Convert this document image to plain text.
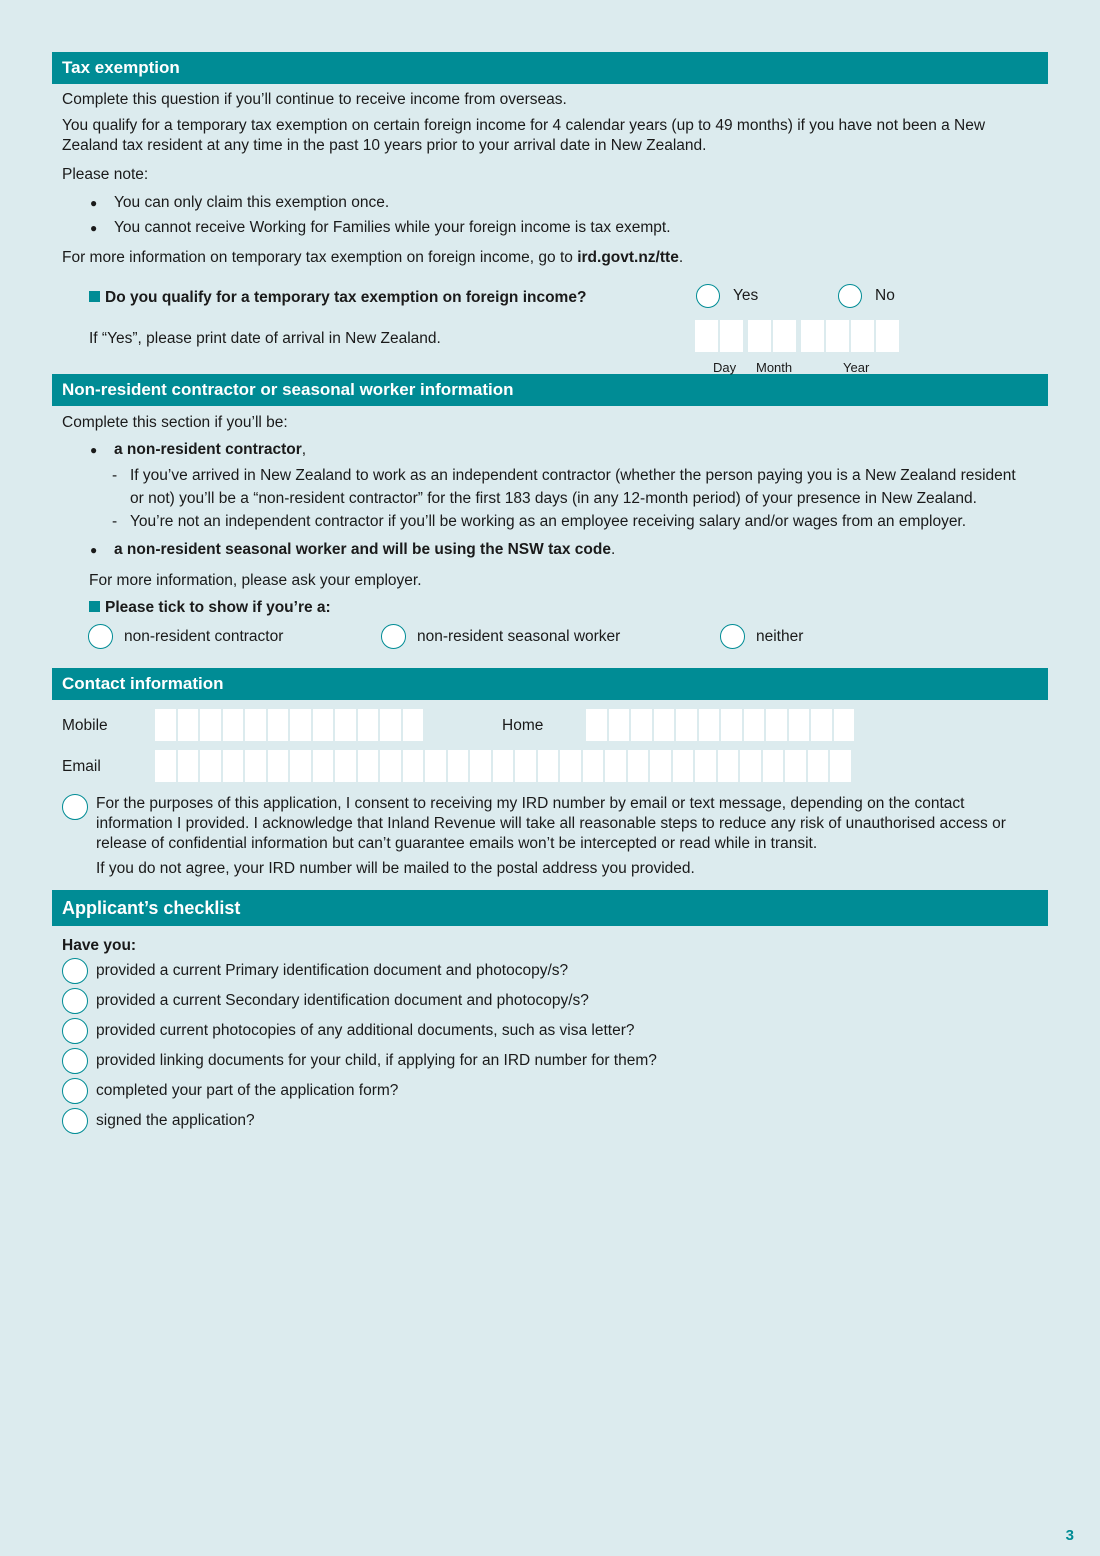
Tax exemption

Complete this question if you’ll continue to receive income from overseas.

You qualify for a temporary tax exemption on certain foreign income for 4 calendar years (up to 49 months) if you have not been a New Zealand tax resident at any time in the past 10 years prior to your arrival date in New Zealand.

Please note:

● You can only claim this exemption once.

● You cannot receive Working for Families while your foreign income is tax exempt.

For more information on temporary tax exemption on foreign income, go to ird.govt.nz/tte.

Do you qualify for a temporary tax exemption on foreign income?	Yes	No
If “Yes”, please print date of arrival in New Zealand.
Day Month	Year
Non-resident contractor or seasonal worker information

Complete this section if you’ll be:

● a non-resident contractor,

- If you’ve arrived in New Zealand to work as an independent contractor (whether the person paying you is a New Zealand resident or not) you’ll be a “non-resident contractor” for the first 183 days (in any 12-month period) of your presence in New Zealand.

- You’re not an independent contractor if you’ll be working as an employee receiving salary and/or wages from an employer.

● a non-resident seasonal worker and will be using the NSW tax code.

For more information, please ask your employer.

Please tick to show if you’re a:

non-resident contractor	non-resident seasonal worker	neither
Contact information
Mobile	Home
Email

For the purposes of this application, I consent to receiving my IRD number by email or text message, depending on the contact information I provided. I acknowledge that Inland Revenue will take all reasonable steps to reduce any risk of unauthorised access or release of confidential information but can’t guarantee emails won’t be intercepted or read while in transit.

If you do not agree, your IRD number will be mailed to the postal address you provided.

Applicant’s checklist

Have you:

provided a current Primary identification document and photocopy/s?
provided a current Secondary identification document and photocopy/s?
provided current photocopies of any additional documents, such as visa letter?
provided linking documents for your child, if applying for an IRD number for them?
completed your part of the application form?
signed the application?
3
